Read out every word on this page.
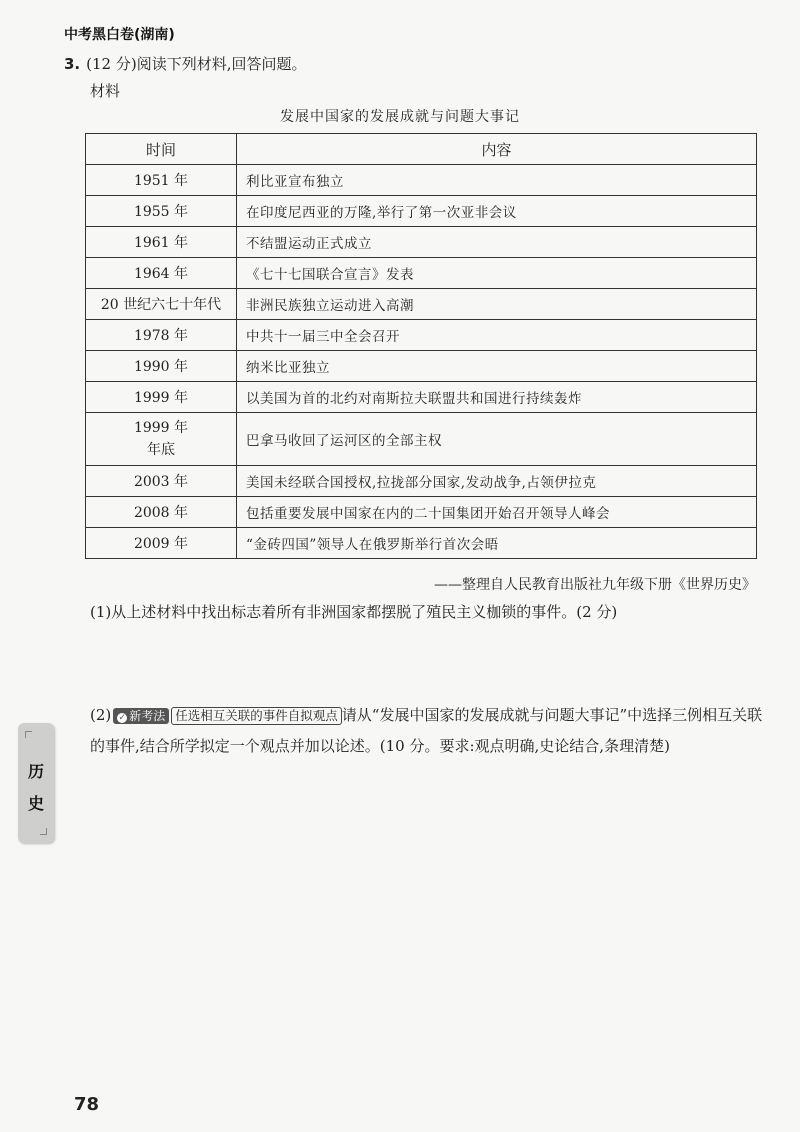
中考黑白卷(湖南)
3. (12 分)阅读下列材料,回答问题。
材料
发展中国家的发展成就与问题大事记
时间	内容
1951 年	利比亚宣布独立
1955 年	在印度尼西亚的万隆,举行了第一次亚非会议
1961 年	不结盟运动正式成立
1964 年	《七十七国联合宣言》发表
20 世纪六七十年代	非洲民族独立运动进入高潮
1978 年	中共十一届三中全会召开
1990 年	纳米比亚独立
1999 年	以美国为首的北约对南斯拉夫联盟共和国进行持续轰炸

1999 年
年底	巴拿马收回了运河区的全部主权
2003 年	美国未经联合国授权,拉拢部分国家,发动战争,占领伊拉克
2008 年	包括重要发展中国家在内的二十国集团开始召开领导人峰会
2009 年	“金砖四国”领导人在俄罗斯举行首次会晤
——整理自人民教育出版社九年级下册《世界历史》
(1)从上述材料中找出标志着所有非洲国家都摆脱了殖民主义枷锁的事件。(2 分)
(2) ✓ 新考法 任选相互关联的事件自拟观点 请从“发展中国家的发展成就与问题大事记”中选择三例相互关联的事件,结合所学拟定一个观点并加以论述。(10 分。要求:观点明确,史论结合,条理清楚)
历
史
78
